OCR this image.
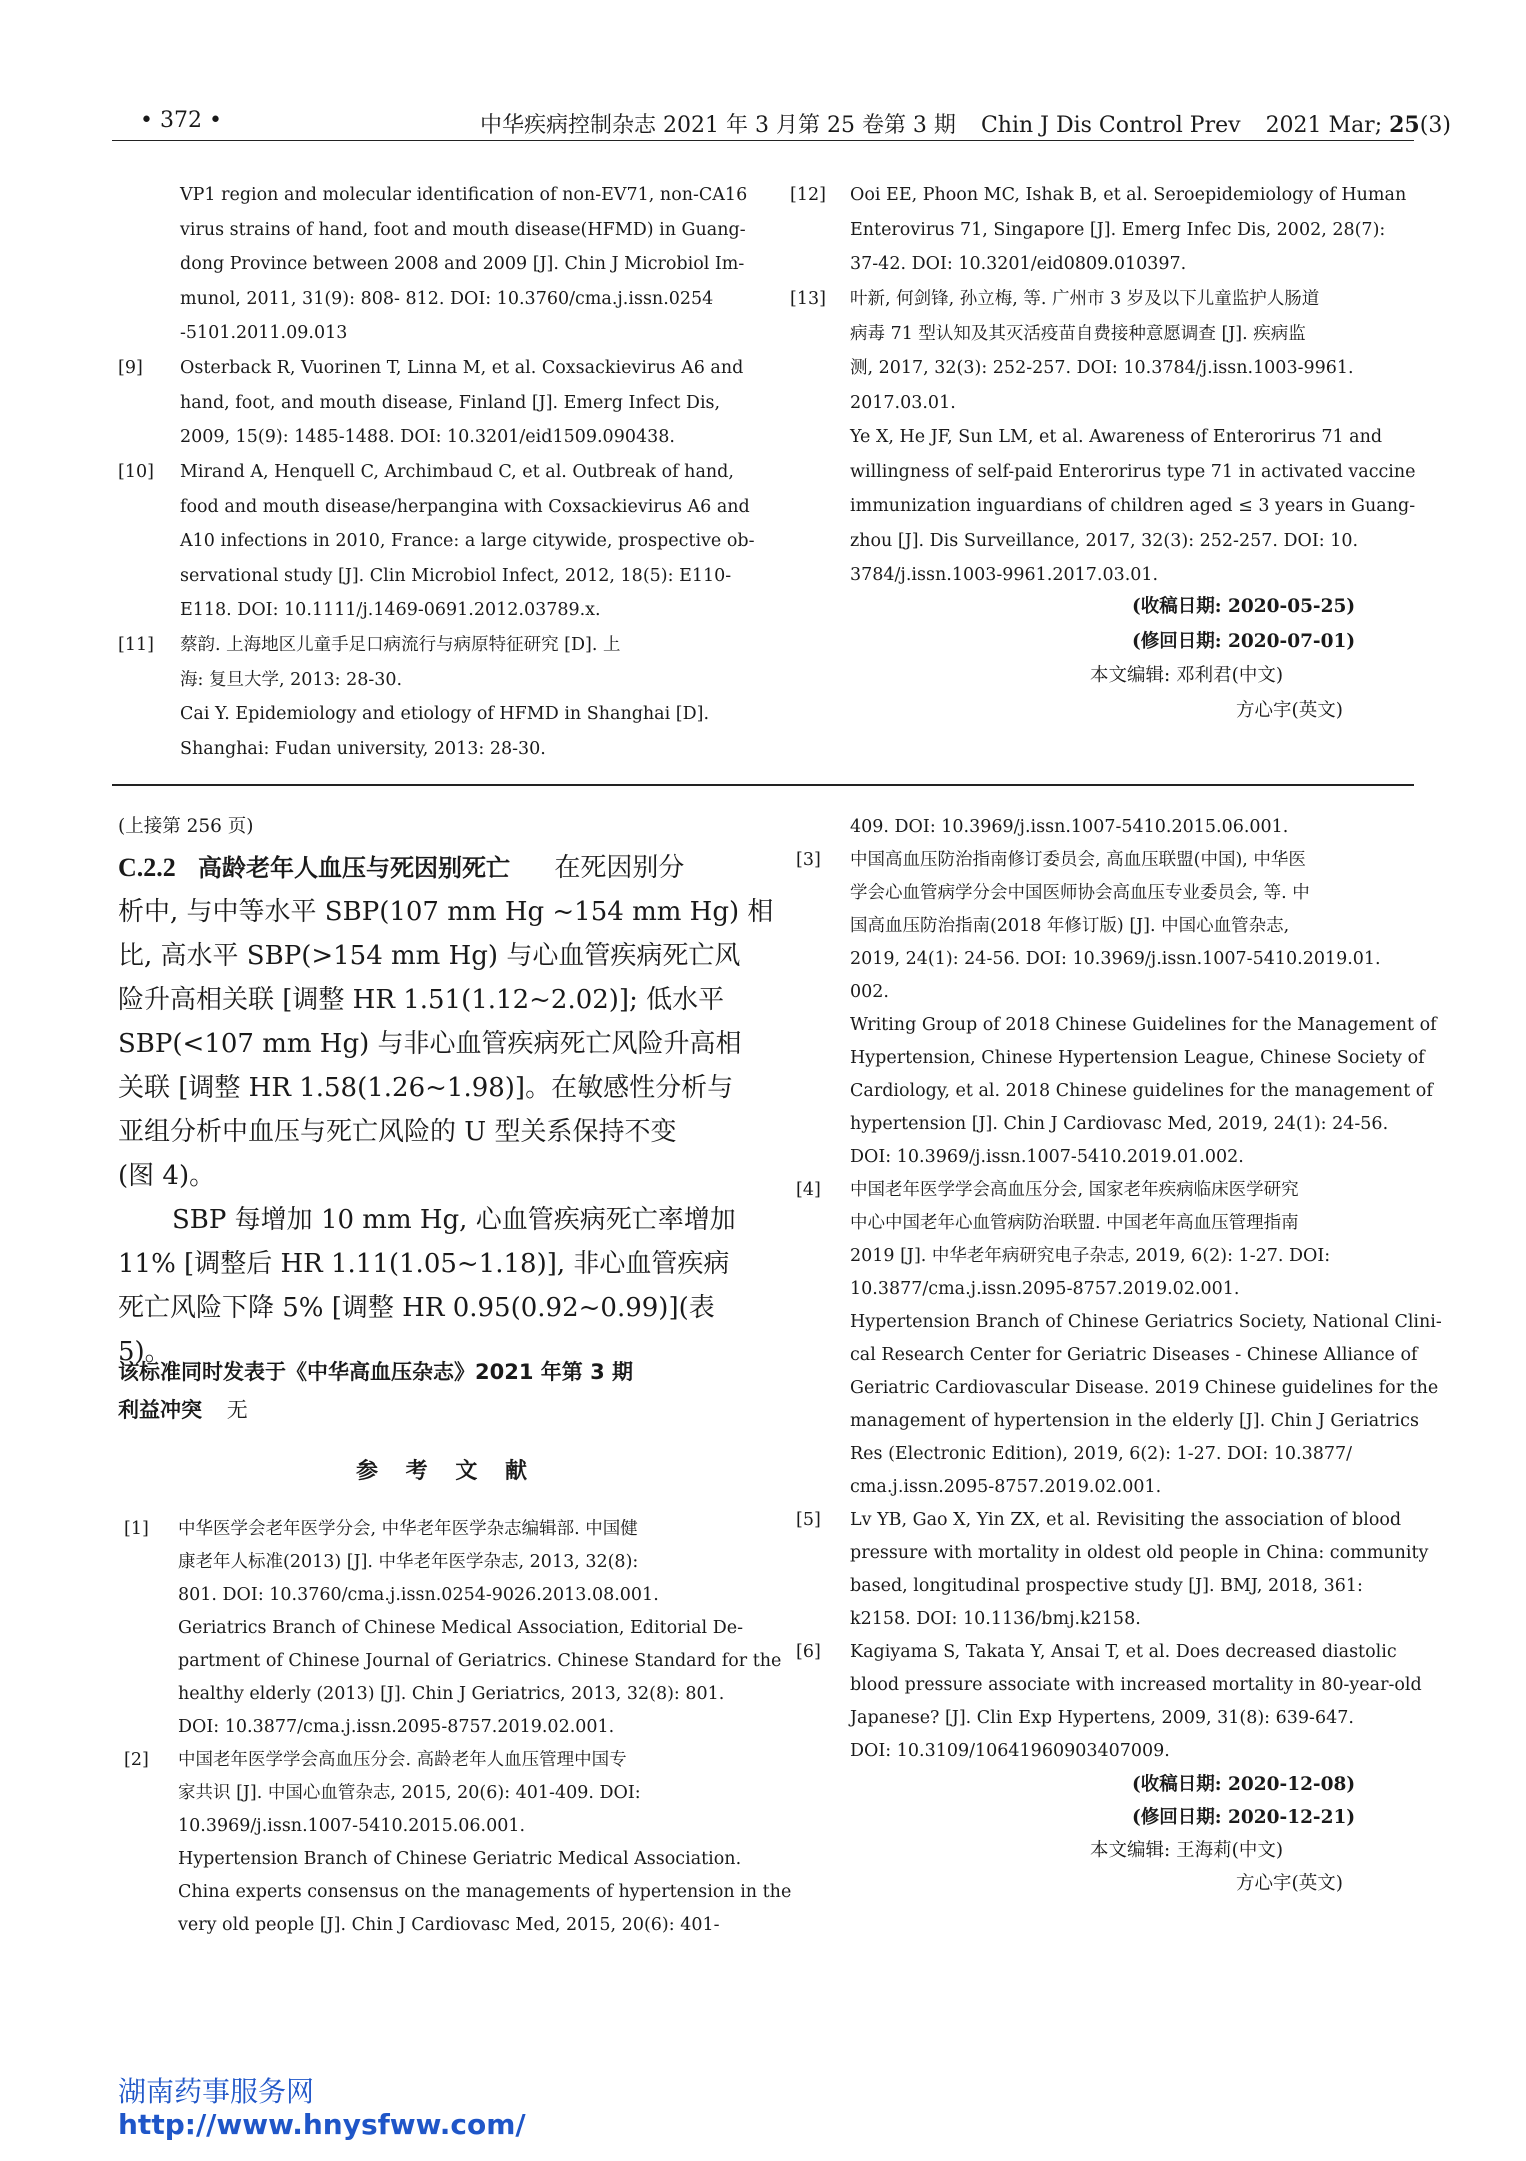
• 372 •	中华疾病控制杂志 2021 年 3 月第 25 卷第 3 期 Chin J Dis Control Prev 2021 Mar; 25(3)
VP1 region and molecular identification of non-EV71, non-CA16
virus strains of hand, foot and mouth disease(HFMD) in Guang-
dong Province between 2008 and 2009 [J]. Chin J Microbiol Im-
munol, 2011, 31(9): 808- 812. DOI: 10.3760/cma.j.issn.0254
-5101.2011.09.013
[9] Osterback R, Vuorinen T, Linna M, et al. Coxsackievirus A6 and
hand, foot, and mouth disease, Finland [J]. Emerg Infect Dis,
2009, 15(9): 1485-1488. DOI: 10.3201/eid1509.090438.
[10] Mirand A, Henquell C, Archimbaud C, et al. Outbreak of hand,
food and mouth disease/herpangina with Coxsackievirus A6 and
A10 infections in 2010, France: a large citywide, prospective ob-
servational study [J]. Clin Microbiol Infect, 2012, 18(5): E110-
E118. DOI: 10.1111/j.1469-0691.2012.03789.x.
[11] 蔡韵. 上海地区儿童手足口病流行与病原特征研究 [D]. 上
海: 复旦大学, 2013: 28-30.
Cai Y. Epidemiology and etiology of HFMD in Shanghai [D].
Shanghai: Fudan university, 2013: 28-30.
[12] Ooi EE, Phoon MC, Ishak B, et al. Seroepidemiology of Human
Enterovirus 71, Singapore [J]. Emerg Infec Dis, 2002, 28(7):
37-42. DOI: 10.3201/eid0809.010397.
[13] 叶新, 何剑锋, 孙立梅, 等. 广州市 3 岁及以下儿童监护人肠道
病毒 71 型认知及其灭活疫苗自费接种意愿调查 [J]. 疾病监
测, 2017, 32(3): 252-257. DOI: 10.3784/j.issn.1003-9961.
2017.03.01.
Ye X, He JF, Sun LM, et al. Awareness of Enterorirus 71 and
willingness of self-paid Enterorirus type 71 in activated vaccine
immunization inguardians of children aged ≤ 3 years in Guang-
zhou [J]. Dis Surveillance, 2017, 32(3): 252-257. DOI: 10.
3784/j.issn.1003-9961.2017.03.01.
(收稿日期: 2020-05-25)
(修回日期: 2020-07-01)
本文编辑: 邓利君(中文)
方心宇(英文)
(上接第 256 页)
C.2.2 高龄老年人血压与死因别死亡 在死因别分
析中, 与中等水平 SBP(107 mm Hg ~154 mm Hg) 相
比, 高水平 SBP(>154 mm Hg) 与心血管疾病死亡风
险升高相关联 [调整 HR 1.51(1.12~2.02)]; 低水平
SBP(<107 mm Hg) 与非心血管疾病死亡风险升高相
关联 [调整 HR 1.58(1.26~1.98)]。在敏感性分析与
亚组分析中血压与死亡风险的 U 型关系保持不变
(图 4)。
SBP 每增加 10 mm Hg, 心血管疾病死亡率增加
11% [调整后 HR 1.11(1.05~1.18)], 非心血管疾病
死亡风险下降 5% [调整 HR 0.95(0.92~0.99)](表
5)。
该标准同时发表于《中华高血压杂志》2021 年第 3 期
利益冲突 无
参 考 文 献
[1] 中华医学会老年医学分会, 中华老年医学杂志编辑部. 中国健
康老年人标准(2013) [J]. 中华老年医学杂志, 2013, 32(8):
801. DOI: 10.3760/cma.j.issn.0254-9026.2013.08.001.
Geriatrics Branch of Chinese Medical Association, Editorial De-
partment of Chinese Journal of Geriatrics. Chinese Standard for the
healthy elderly (2013) [J]. Chin J Geriatrics, 2013, 32(8): 801.
DOI: 10.3877/cma.j.issn.2095-8757.2019.02.001.
[2] 中国老年医学学会高血压分会. 高龄老年人血压管理中国专
家共识 [J]. 中国心血管杂志, 2015, 20(6): 401-409. DOI:
10.3969/j.issn.1007-5410.2015.06.001.
Hypertension Branch of Chinese Geriatric Medical Association.
China experts consensus on the managements of hypertension in the
very old people [J]. Chin J Cardiovasc Med, 2015, 20(6): 401-
409. DOI: 10.3969/j.issn.1007-5410.2015.06.001.
[3] 中国高血压防治指南修订委员会, 高血压联盟(中国), 中华医
学会心血管病学分会中国医师协会高血压专业委员会, 等. 中
国高血压防治指南(2018 年修订版) [J]. 中国心血管杂志,
2019, 24(1): 24-56. DOI: 10.3969/j.issn.1007-5410.2019.01.
002.
Writing Group of 2018 Chinese Guidelines for the Management of
Hypertension, Chinese Hypertension League, Chinese Society of
Cardiology, et al. 2018 Chinese guidelines for the management of
hypertension [J]. Chin J Cardiovasc Med, 2019, 24(1): 24-56.
DOI: 10.3969/j.issn.1007-5410.2019.01.002.
[4] 中国老年医学学会高血压分会, 国家老年疾病临床医学研究
中心中国老年心血管病防治联盟. 中国老年高血压管理指南
2019 [J]. 中华老年病研究电子杂志, 2019, 6(2): 1-27. DOI:
10.3877/cma.j.issn.2095-8757.2019.02.001.
Hypertension Branch of Chinese Geriatrics Society, National Clini-
cal Research Center for Geriatric Diseases - Chinese Alliance of
Geriatric Cardiovascular Disease. 2019 Chinese guidelines for the
management of hypertension in the elderly [J]. Chin J Geriatrics
Res (Electronic Edition), 2019, 6(2): 1-27. DOI: 10.3877/
cma.j.issn.2095-8757.2019.02.001.
[5] Lv YB, Gao X, Yin ZX, et al. Revisiting the association of blood
pressure with mortality in oldest old people in China: community
based, longitudinal prospective study [J]. BMJ, 2018, 361:
k2158. DOI: 10.1136/bmj.k2158.
[6] Kagiyama S, Takata Y, Ansai T, et al. Does decreased diastolic
blood pressure associate with increased mortality in 80-year-old
Japanese? [J]. Clin Exp Hypertens, 2009, 31(8): 639-647.
DOI: 10.3109/10641960903407009.
(收稿日期: 2020-12-08)
(修回日期: 2020-12-21)
本文编辑: 王海莉(中文)
方心宇(英文)
湖南药事服务网
http://www.hnysfww.com/
